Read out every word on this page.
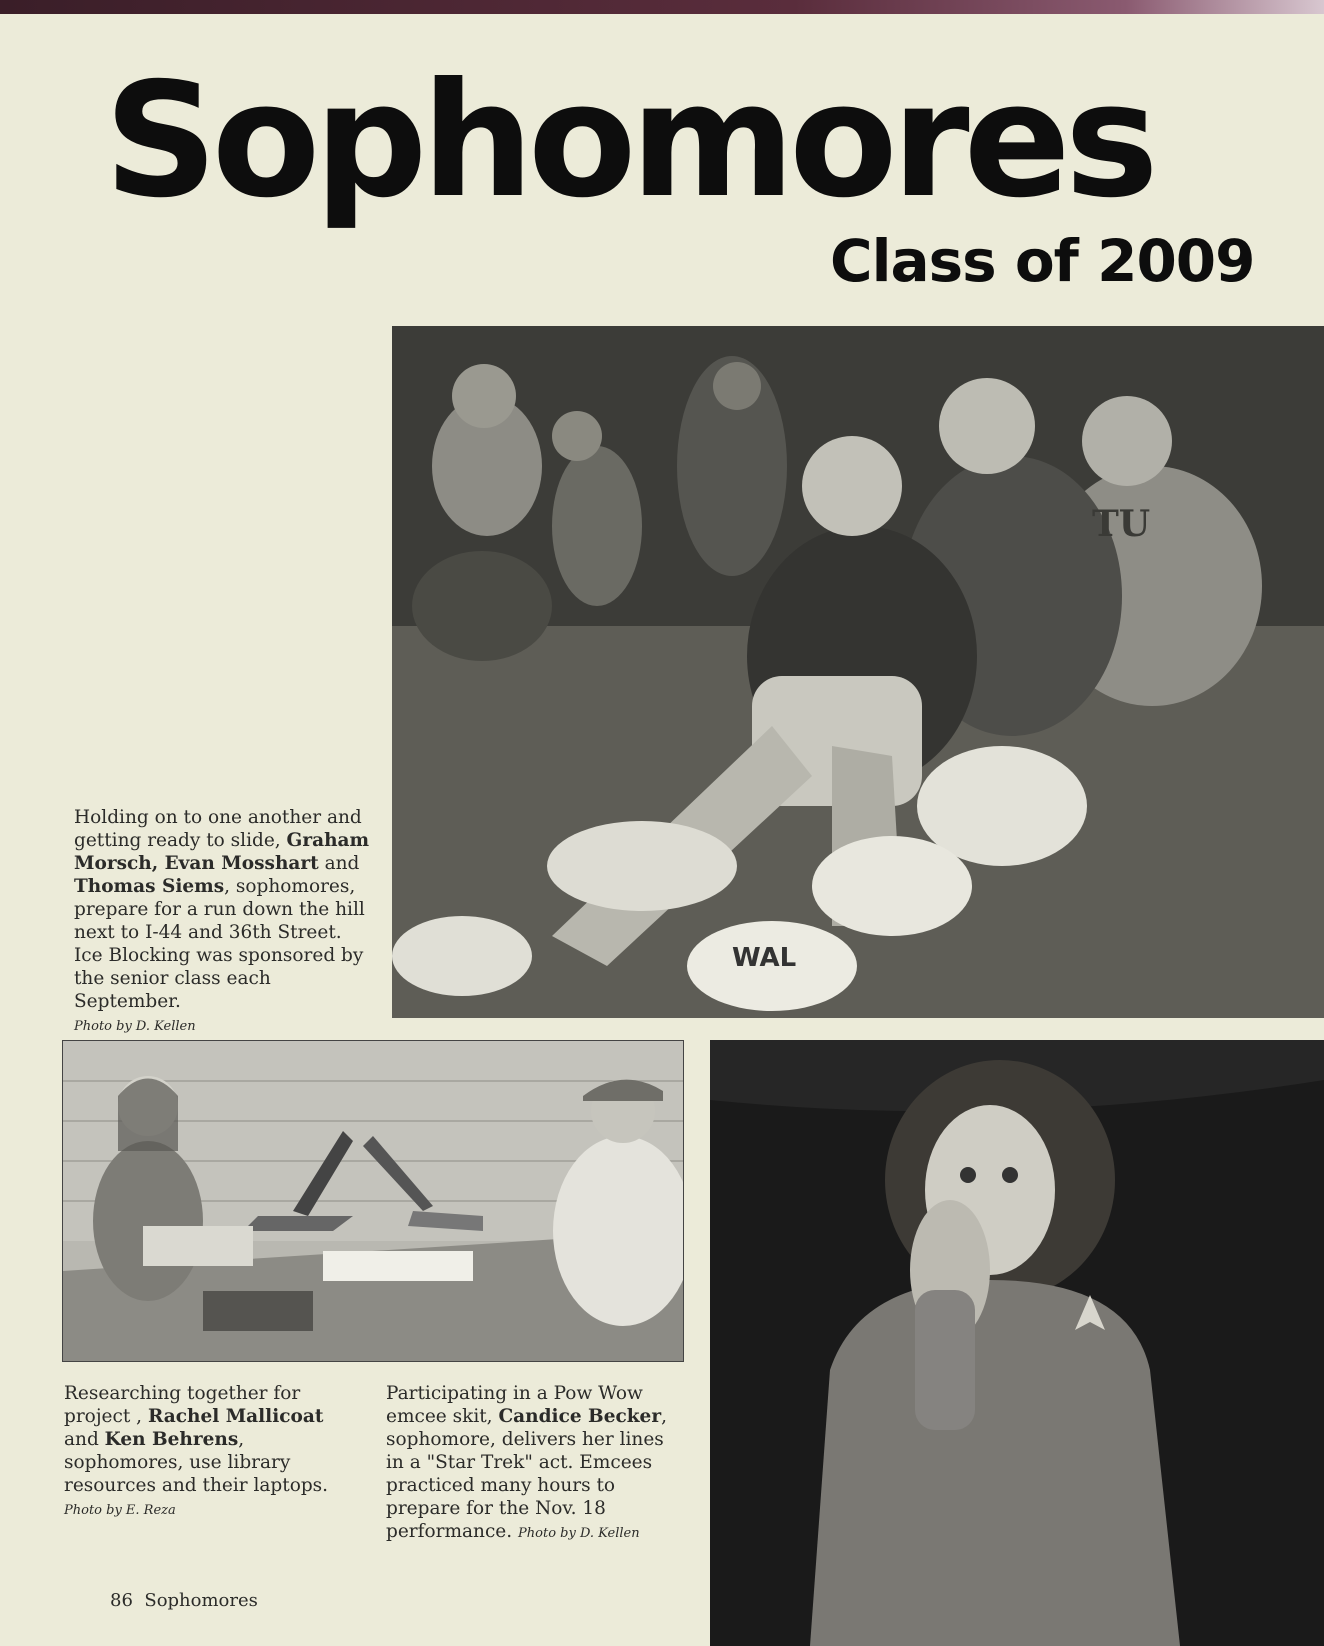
Sophomores
Class of 2009
WAL
TU
Holding on to one another and getting ready to slide, Graham Morsch, Evan Mosshart and Thomas Siems, sophomores, prepare for a run down the hill next to I-44 and 36th Street. Ice Blocking was sponsored by the senior class each September.
Photo by D. Kellen
Researching together for project , Rachel Mallicoat and Ken Behrens, sophomores, use library resources and their laptops. Photo by E. Reza
Participating in a Pow Wow emcee skit, Candice Becker, sophomore, delivers her lines in a "Star Trek" act. Emcees practiced many hours to prepare for the Nov. 18 performance. Photo by D. Kellen
86 Sophomores
